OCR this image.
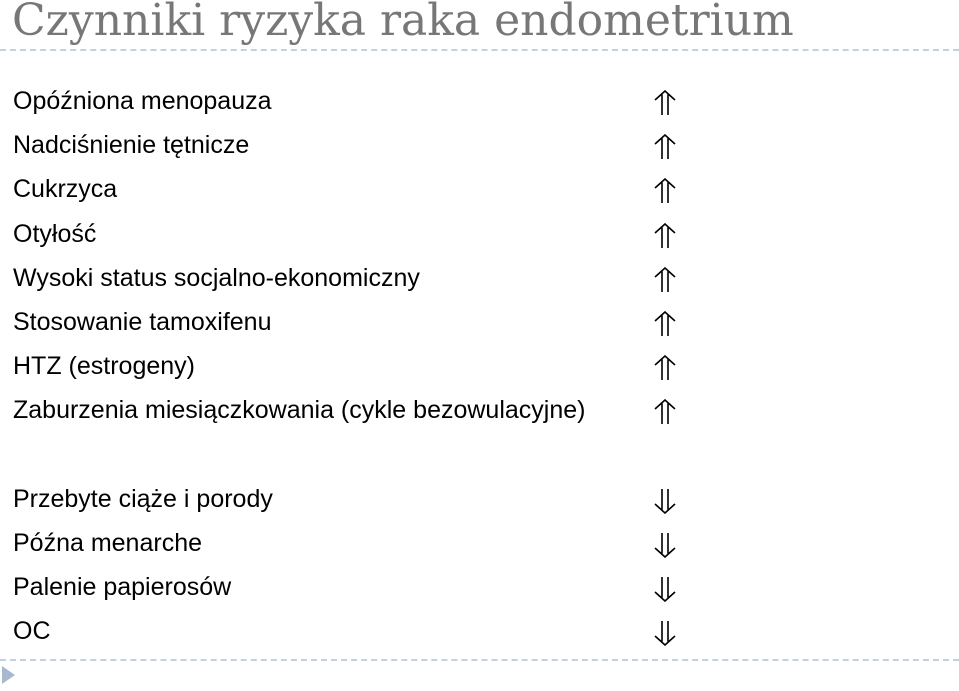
Czynniki ryzyka raka endometrium
Opóźniona menopauza
Nadciśnienie tętnicze
Cukrzyca
Otyłość
Wysoki status socjalno-ekonomiczny
Stosowanie tamoxifenu
HTZ (estrogeny)
Zaburzenia miesiączkowania (cykle bezowulacyjne)
Przebyte ciąże i porody
Późna menarche
Palenie papierosów
OC
